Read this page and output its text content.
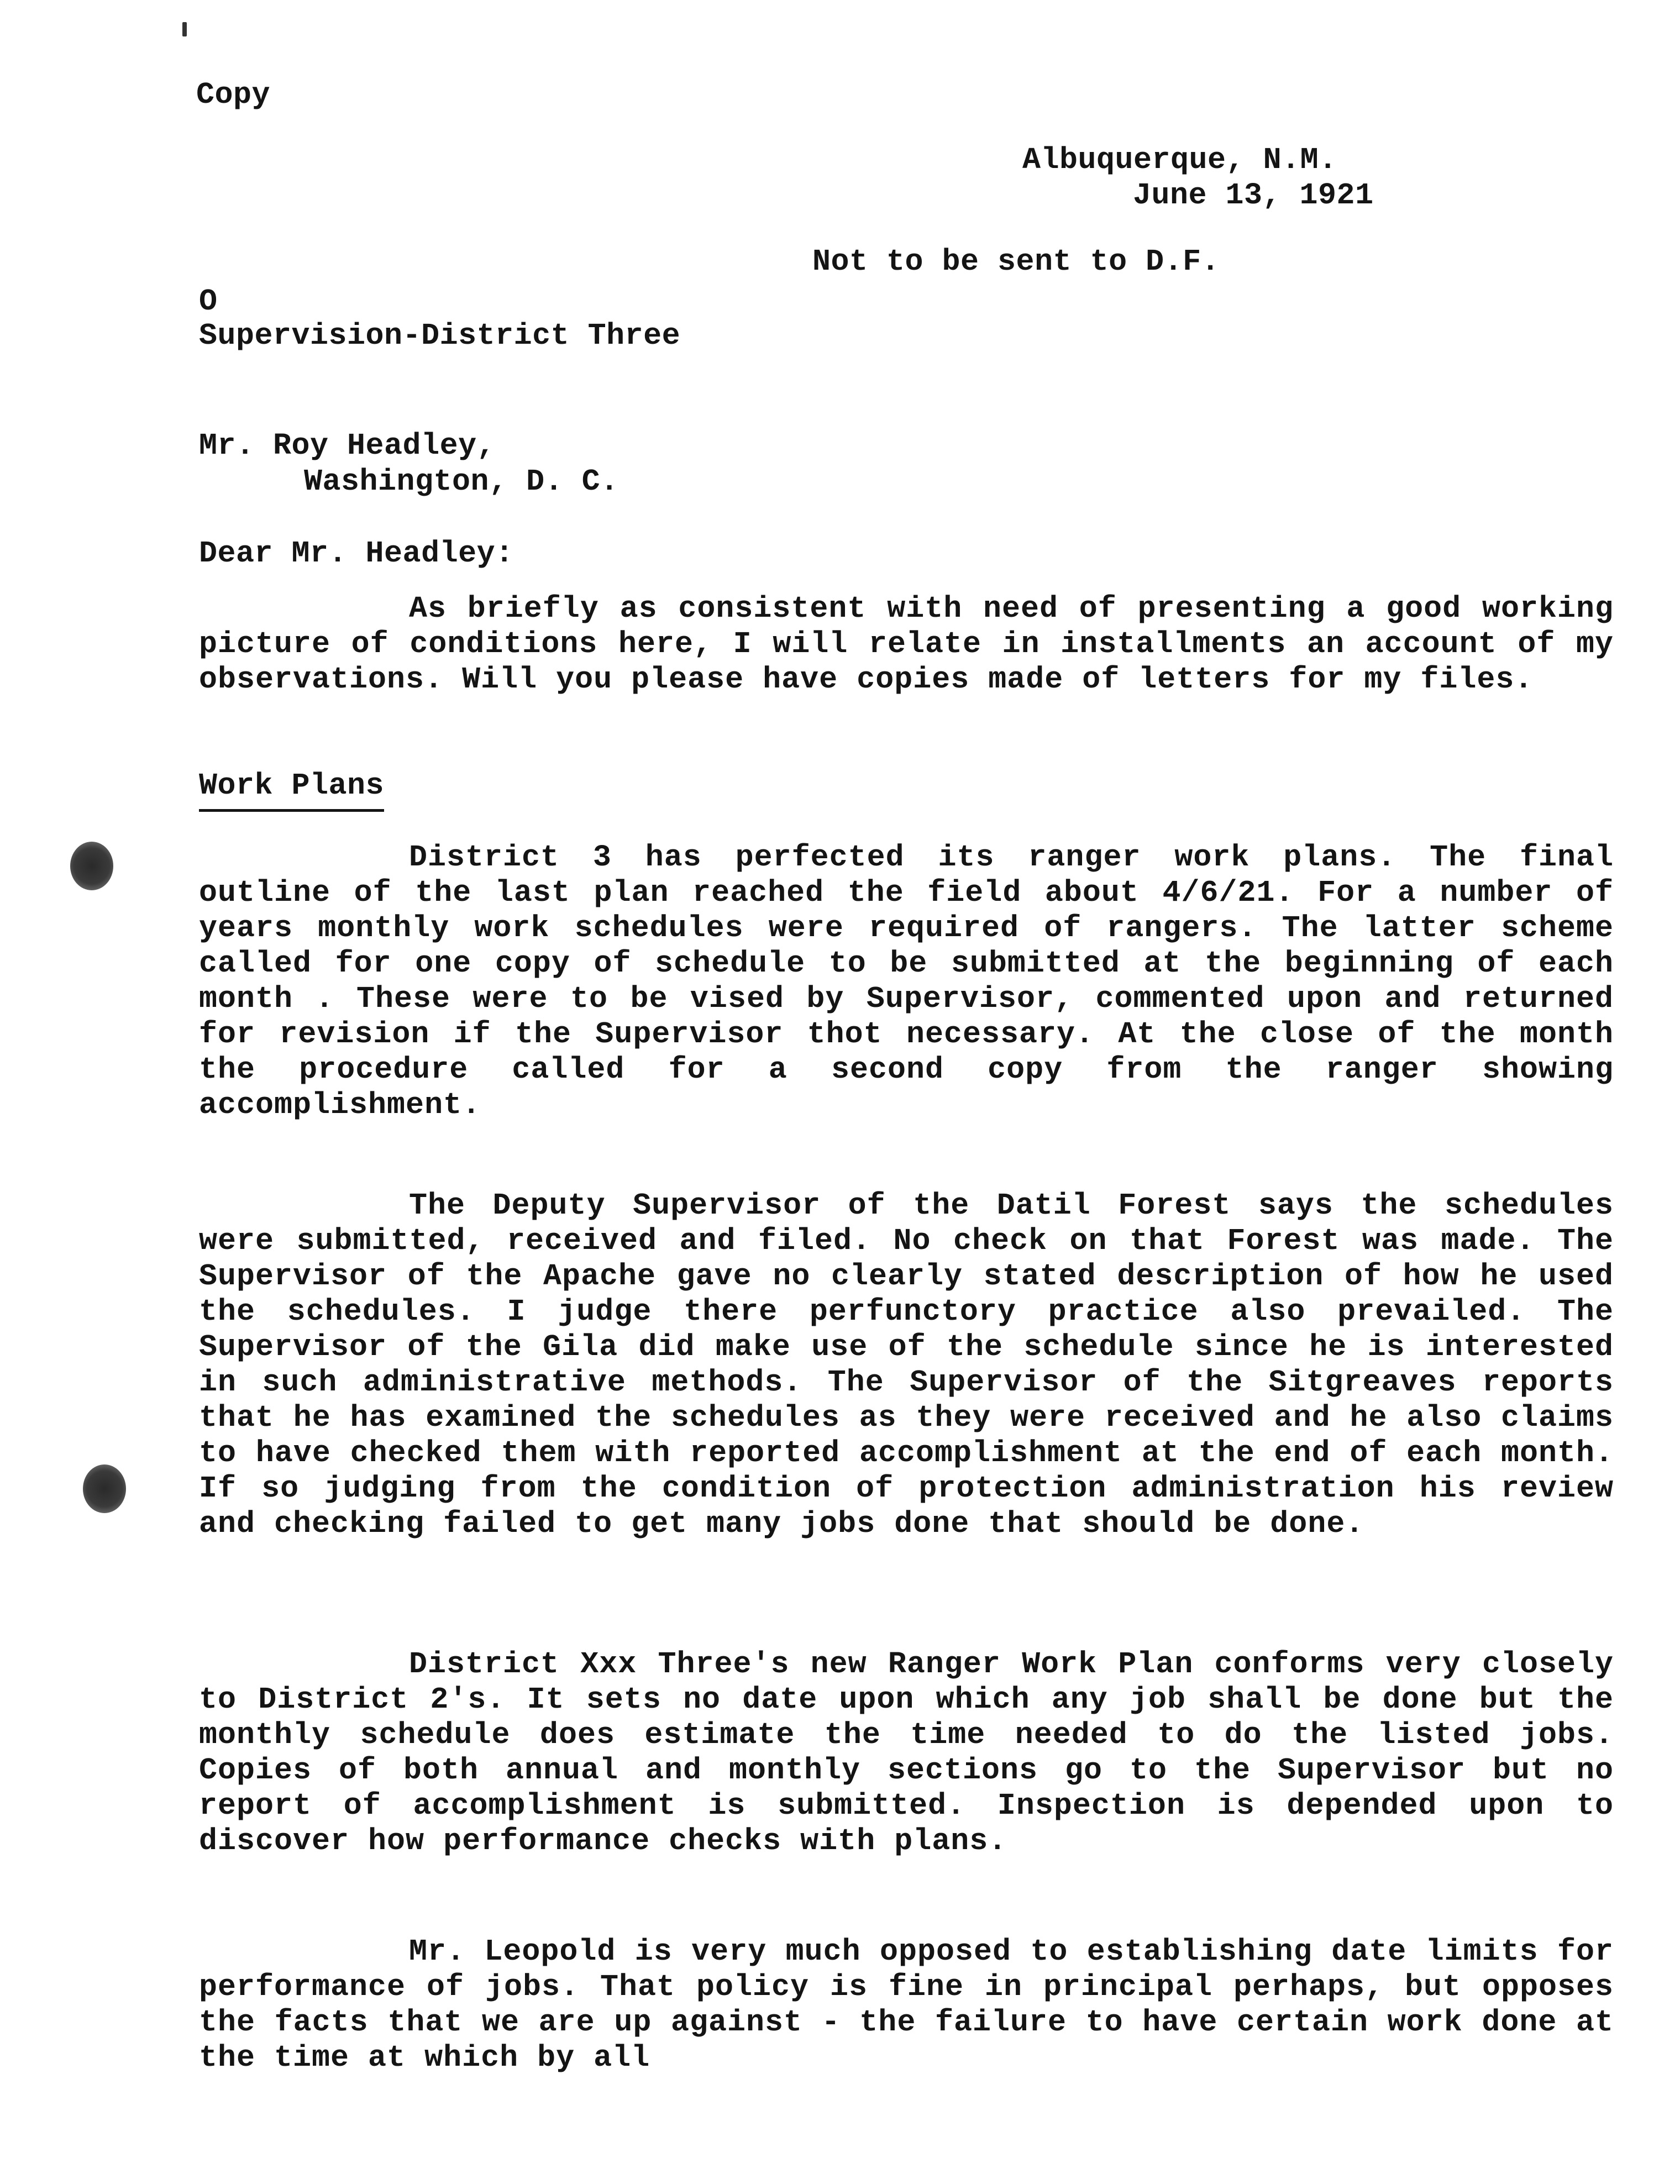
Copy
Albuquerque, N.M.
June 13, 1921
Not to be sent to D.F.
O
Supervision-District Three
Mr. Roy Headley,
Washington, D. C.
Dear Mr. Headley:

As briefly as consistent with need of presenting a good working picture of conditions here, I will relate in installments an account of my observations. Will you please have copies made of letters for my files.

Work Plans

District 3 has perfected its ranger work plans. The final outline of the last plan reached the field about 4/6/21. For a number of years monthly work schedules were required of rangers. The latter scheme called for one copy of schedule to be submitted at the beginning of each month . These were to be vised by Supervisor, commented upon and returned for revision if the Supervisor thot necessary. At the close of the month the procedure called for a second copy from the ranger showing accomplishment.

The Deputy Supervisor of the Datil Forest says the schedules were submitted, received and filed. No check on that Forest was made. The Supervisor of the Apache gave no clearly stated description of how he used the schedules. I judge there perfunctory practice also prevailed. The Supervisor of the Gila did make use of the schedule since he is interested in such administrative methods. The Supervisor of the Sitgreaves reports that he has examined the schedules as they were received and he also claims to have checked them with reported accomplishment at the end of each month. If so judging from the condition of protection administration his review and checking failed to get many jobs done that should be done.

District Xxx Three's new Ranger Work Plan conforms very closely to District 2's. It sets no date upon which any job shall be done but the monthly schedule does estimate the time needed to do the listed jobs. Copies of both annual and monthly sections go to the Supervisor but no report of accomplishment is submitted. Inspection is depended upon to discover how performance checks with plans.

Mr. Leopold is very much opposed to establishing date limits for performance of jobs. That policy is fine in principal perhaps, but opposes the facts that we are up against - the failure to have certain work done at the time at which by all
